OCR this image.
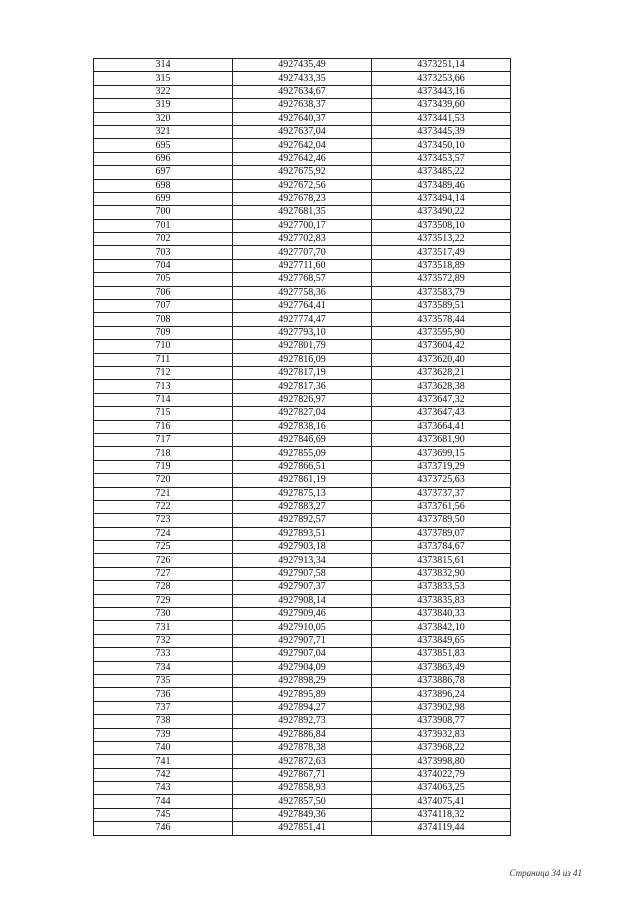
314	4927435,49	4373251,14
315	4927433,35	4373253,66
322	4927634,67	4373443,16
319	4927638,37	4373439,60
320	4927640,37	4373441,53
321	4927637,04	4373445,39
695	4927642,04	4373450,10
696	4927642,46	4373453,57
697	4927675,92	4373485,22
698	4927672,56	4373489,46
699	4927678,23	4373494,14
700	4927681,35	4373490,22
701	4927700,17	4373508,10
702	4927702,83	4373513,22
703	4927707,70	4373517,49
704	4927711,60	4373518,89
705	4927768,57	4373572,89
706	4927758,36	4373583,79
707	4927764,41	4373589,51
708	4927774,47	4373578,44
709	4927793,10	4373595,90
710	4927801,79	4373604,42
711	4927816,09	4373620,40
712	4927817,19	4373628,21
713	4927817,36	4373628,38
714	4927826,97	4373647,32
715	4927827,04	4373647,43
716	4927838,16	4373664,41
717	4927846,69	4373681,90
718	4927855,09	4373699,15
719	4927866,51	4373719,29
720	4927861,19	4373725,63
721	4927875,13	4373737,37
722	4927883,27	4373761,56
723	4927892,57	4373789,50
724	4927893,51	4373789,07
725	4927903,18	4373784,67
726	4927913,34	4373815,61
727	4927907,58	4373832,90
728	4927907,37	4373833,53
729	4927908,14	4373835,83
730	4927909,46	4373840,33
731	4927910,05	4373842,10
732	4927907,71	4373849,65
733	4927907,04	4373851,83
734	4927904,09	4373863,49
735	4927898,29	4373886,78
736	4927895,89	4373896,24
737	4927894,27	4373902,98
738	4927892,73	4373908,77
739	4927886,84	4373932,83
740	4927878,38	4373968,22
741	4927872,63	4373998,80
742	4927867,71	4374022,79
743	4927858,93	4374063,25
744	4927857,50	4374075,41
745	4927849,36	4374118,32
746	4927851,41	4374119,44
Страница 34 из 41
